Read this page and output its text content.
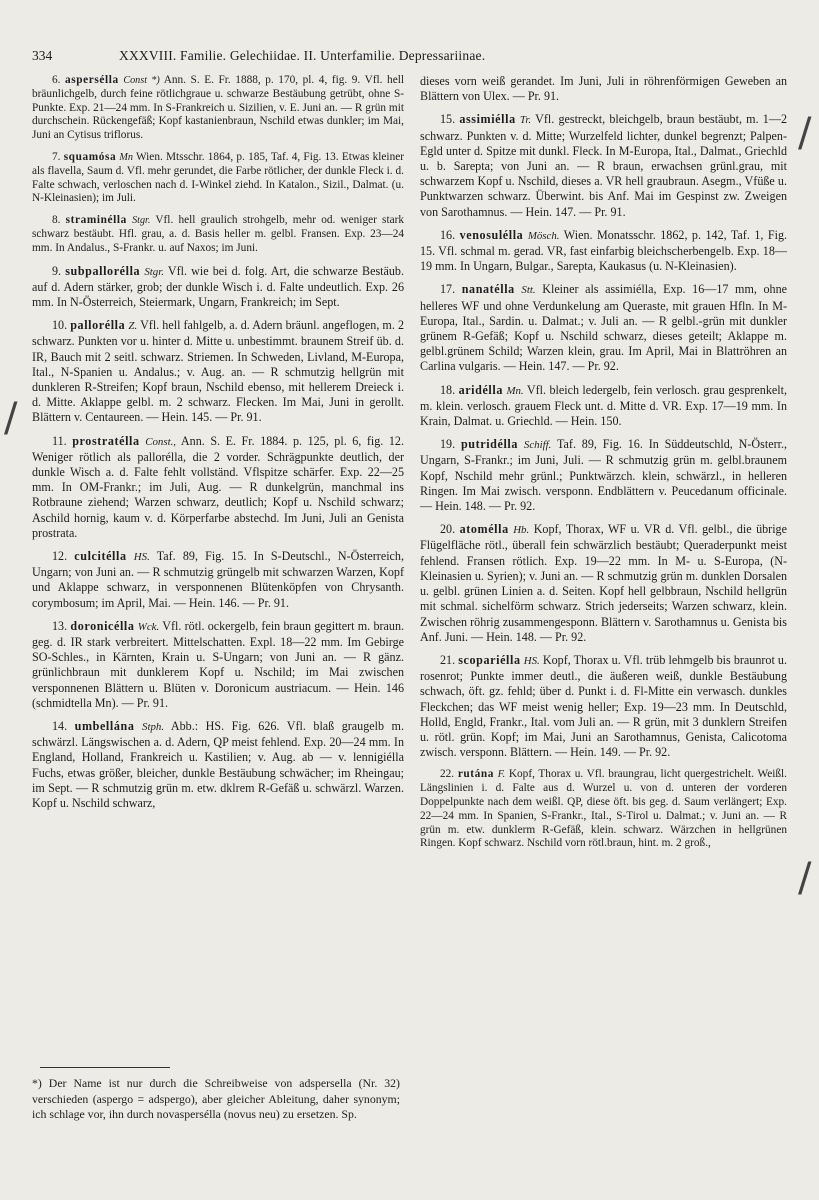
334	XXXVIII. Familie. Gelechiidae. II. Unterfamilie. Depressariinae.

6. aspersélla Const *) Ann. S. E. Fr. 1888, p. 170, pl. 4, fig. 9. Vfl. hell bräunlichgelb, durch feine rötlichgraue u. schwarze Bestäubung getrübt, ohne S-Punkte. Exp. 21—24 mm. In S-Frankreich u. Sizilien, v. E. Juni an. — R grün mit durchschein. Rückengefäß; Kopf kastanienbraun, Nschild etwas dunkler; im Mai, Juni an Cytisus triflorus.

7. squamósa Mn Wien. Mtsschr. 1864, p. 185, Taf. 4, Fig. 13. Etwas kleiner als flavella, Saum d. Vfl. mehr gerundet, die Farbe rötlicher, der dunkle Fleck i. d. Falte schwach, verloschen nach d. I-Winkel ziehd. In Katalon., Sizil., Dalmat. (u. N-Kleinasien); im Juli.

8. straminélla Stgr. Vfl. hell graulich strohgelb, mehr od. weniger stark schwarz bestäubt. Hfl. grau, a. d. Basis heller m. gelbl. Fransen. Exp. 23—24 mm. In Andalus., S-Frankr. u. auf Naxos; im Juni.

9. subpallorélla Stgr. Vfl. wie bei d. folg. Art, die schwarze Bestäub. auf d. Adern stärker, grob; der dunkle Wisch i. d. Falte undeutlich. Exp. 26 mm. In N-Österreich, Steiermark, Ungarn, Frankreich; im Sept.

10. pallorélla Z. Vfl. hell fahlgelb, a. d. Adern bräunl. angeflogen, m. 2 schwarz. Punkten vor u. hinter d. Mitte u. unbestimmt. braunem Streif üb. d. IR, Bauch mit 2 seitl. schwarz. Striemen. In Schweden, Livland, M-Europa, Ital., N-Spanien u. Andalus.; v. Aug. an. — R schmutzig hellgrün mit dunkleren R-Streifen; Kopf braun, Nschild ebenso, mit hellerem Dreieck i. d. Mitte. Aklappe gelbl. m. 2 schwarz. Flecken. Im Mai, Juni in gerollt. Blättern v. Centaureen. — Hein. 145. — Pr. 91.

11. prostratélla Const., Ann. S. E. Fr. 1884. p. 125, pl. 6, fig. 12. Weniger rötlich als pallorélla, die 2 vorder. Schrägpunkte deutlich, der dunkle Wisch a. d. Falte fehlt vollständ. Vflspitze schärfer. Exp. 22—25 mm. In OM-Frankr.; im Juli, Aug. — R dunkelgrün, manchmal ins Rotbraune ziehend; Warzen schwarz, deutlich; Kopf u. Nschild schwarz; Aschild hornig, kaum v. d. Körperfarbe abstechd. Im Juni, Juli an Genista prostrata.

12. culcitélla HS. Taf. 89, Fig. 15. In S-Deutschl., N-Österreich, Ungarn; von Juni an. — R schmutzig grüngelb mit schwarzen Warzen, Kopf und Aklappe schwarz, in versponnenen Blütenköpfen von Chrysanth. corymbosum; im April, Mai. — Hein. 146. — Pr. 91.

13. doronicélla Wck. Vfl. rötl. ockergelb, fein braun gegittert m. braun. geg. d. IR stark verbreitert. Mittelschatten. Expl. 18—22 mm. Im Gebirge SO-Schles., in Kärnten, Krain u. S-Ungarn; von Juni an. — R gänz. grünlichbraun mit dunklerem Kopf u. Nschild; im Mai zwischen versponnenen Blättern u. Blüten v. Doronicum austriacum. — Hein. 146 (schmidtella Mn). — Pr. 91.

14. umbellána Stph. Abb.: HS. Fig. 626. Vfl. blaß graugelb m. schwärzl. Längswischen a. d. Adern, QP meist fehlend. Exp. 20—24 mm. In England, Holland, Frankreich u. Kastilien; v. Aug. ab — v. lennigiélla Fuchs, etwas größer, bleicher, dunkle Bestäubung schwächer; im Rheingau; im Sept. — R schmutzig grün m. etw. dklrem R-Gefäß u. schwärzl. Warzen. Kopf u. Nschild schwarz,

dieses vorn weiß gerandet. Im Juni, Juli in röhrenförmigen Geweben an Blättern von Ulex. — Pr. 91.

15. assimiélla Tr. Vfl. gestreckt, bleichgelb, braun bestäubt, m. 1—2 schwarz. Punkten v. d. Mitte; Wurzelfeld lichter, dunkel begrenzt; Palpen-Egld unter d. Spitze mit dunkl. Fleck. In M-Europa, Ital., Dalmat., Griechld u. b. Sarepta; von Juni an. — R braun, erwachsen grünl.grau, mit schwarzem Kopf u. Nschild, dieses a. VR hell graubraun. Asegm., Vfüße u. Punktwarzen schwarz. Überwint. bis Anf. Mai im Gespinst zw. Zweigen von Sarothamnus. — Hein. 147. — Pr. 91.

16. venosulélla Mösch. Wien. Monatsschr. 1862, p. 142, Taf. 1, Fig. 15. Vfl. schmal m. gerad. VR, fast einfarbig bleichscherbengelb. Exp. 18—19 mm. In Ungarn, Bulgar., Sarepta, Kaukasus (u. N-Kleinasien).

17. nanatélla Stt. Kleiner als assimiélla, Exp. 16—17 mm, ohne helleres WF und ohne Verdunkelung am Queraste, mit grauen Hfln. In M-Europa, Ital., Sardin. u. Dalmat.; v. Juli an. — R gelbl.-grün mit dunkler grünem R-Gefäß; Kopf u. Nschild schwarz, dieses geteilt; Aklappe m. gelbl.grünem Schild; Warzen klein, grau. Im April, Mai in Blattröhren an Carlina vulgaris. — Hein. 147. — Pr. 92.

18. aridélla Mn. Vfl. bleich ledergelb, fein verlosch. grau gesprenkelt, m. klein. verlosch. grauem Fleck unt. d. Mitte d. VR. Exp. 17—19 mm. In Krain, Dalmat. u. Griechld. — Hein. 150.

19. putridélla Schiff. Taf. 89, Fig. 16. In Süddeutschld, N-Österr., Ungarn, S-Frankr.; im Juni, Juli. — R schmutzig grün m. gelbl.braunem Kopf, Nschild mehr grünl.; Punktwärzch. klein, schwärzl., in helleren Ringen. Im Mai zwisch. versponn. Endblättern v. Peucedanum officinale. — Hein. 148. — Pr. 92.

20. atomélla Hb. Kopf, Thorax, WF u. VR d. Vfl. gelbl., die übrige Flügelfläche rötl., überall fein schwärzlich bestäubt; Queraderpunkt meist fehlend. Fransen rötlich. Exp. 19—22 mm. In M- u. S-Europa, (N-Kleinasien u. Syrien); v. Juni an. — R schmutzig grün m. dunklen Dorsalen u. gelbl. grünen Linien a. d. Seiten. Kopf hell gelbbraun, Nschild hellgrün mit schmal. sichelförm schwarz. Strich jederseits; Warzen schwarz, klein. Zwischen röhrig zusammengesponn. Blättern v. Sarothamnus u. Genista bis Anf. Juni. — Hein. 148. — Pr. 92.

21. scopariélla HS. Kopf, Thorax u. Vfl. trüb lehmgelb bis braunrot u. rosenrot; Punkte immer deutl., die äußeren weiß, dunkle Bestäubung schwach, öft. gz. fehld; über d. Punkt i. d. Fl-Mitte ein verwasch. dunkles Fleckchen; das WF meist wenig heller; Exp. 19—23 mm. In Deutschld, Holld, Engld, Frankr., Ital. vom Juli an. — R grün, mit 3 dunklern Streifen u. rötl. grün. Kopf; im Mai, Juni an Sarothamnus, Genista, Calicotoma zwisch. versponn. Blättern. — Hein. 149. — Pr. 92.

22. rutána F. Kopf, Thorax u. Vfl. braungrau, licht quergestrichelt. Weißl. Längslinien i. d. Falte aus d. Wurzel u. von d. unteren der vorderen Doppelpunkte nach dem weißl. QP, diese öft. bis geg. d. Saum verlängert; Exp. 22—24 mm. In Spanien, S-Frankr., Ital., S-Tirol u. Dalmat.; v. Juni an. — R grün m. etw. dunklerm R-Gefäß, klein. schwarz. Wärzchen in hellgrünen Ringen. Kopf schwarz. Nschild vorn rötl.braun, hint. m. 2 groß.,

*) Der Name ist nur durch die Schreibweise von adspersella (Nr. 32) verschieden (aspergo = adspergo), aber gleicher Ableitung, daher synonym; ich schlage vor, ihn durch novaspersélla (novus neu) zu ersetzen. Sp.
/
/
/
